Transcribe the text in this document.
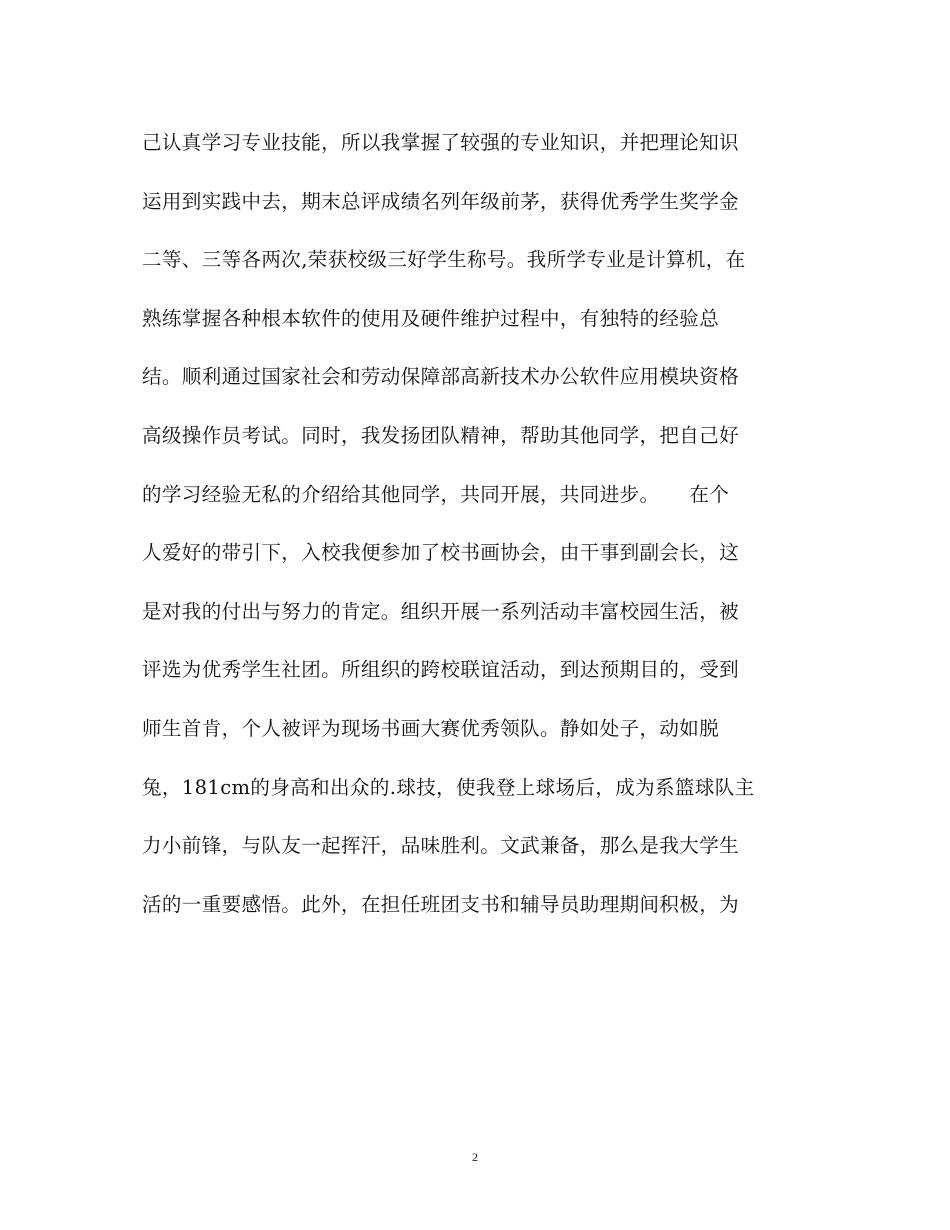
己认真学习专业技能，所以我掌握了较强的专业知识，并把理论知识
运用到实践中去，期末总评成绩名列年级前茅，获得优秀学生奖学金
二等、三等各两次,荣获校级三好学生称号。我所学专业是计算机，在
熟练掌握各种根本软件的使用及硬件维护过程中，有独特的经验总
结。顺利通过国家社会和劳动保障部高新技术办公软件应用模块资格
高级操作员考试。同时，我发扬团队精神，帮助其他同学，把自己好
的学习经验无私的介绍给其他同学，共同开展，共同进步。　　在个
人爱好的带引下，入校我便参加了校书画协会，由干事到副会长，这
是对我的付出与努力的肯定。组织开展一系列活动丰富校园生活，被
评选为优秀学生社团。所组织的跨校联谊活动，到达预期目的，受到
师生首肯，个人被评为现场书画大赛优秀领队。静如处子，动如脱
兔，181cm的身高和出众的.球技，使我登上球场后，成为系篮球队主
力小前锋，与队友一起挥汗，品味胜利。文武兼备，那么是我大学生
活的一重要感悟。此外，在担任班团支书和辅导员助理期间积极，为
2
